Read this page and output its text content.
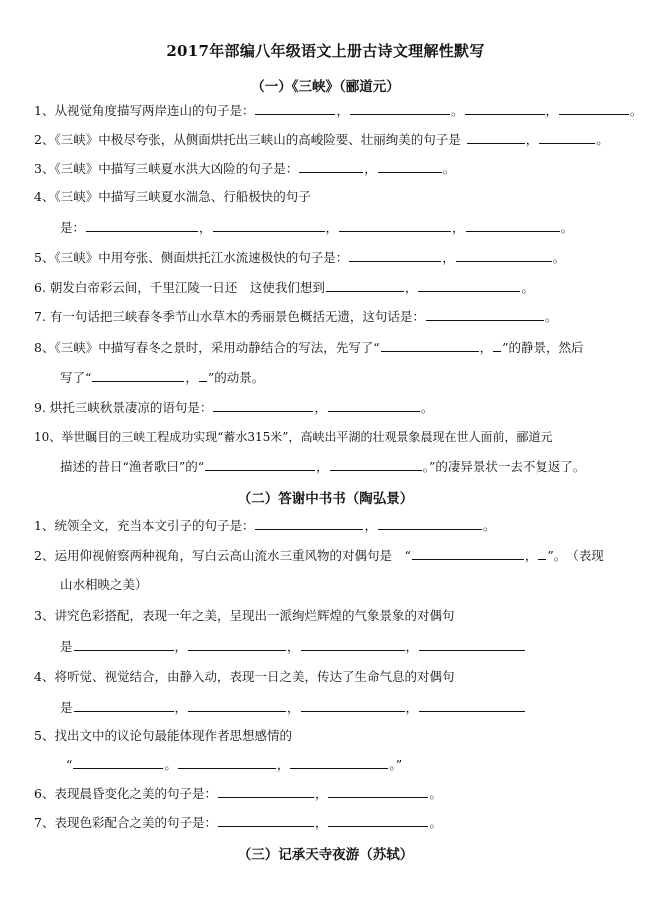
2017年部编八年级语文上册古诗文理解性默写
（一）《三峡》（郦道元）
1、从视觉角度描写两岸连山的句子是：	，	。	，	。
2、《三峡》中极尽夸张，从侧面烘托出三峡山的高峻险要、壮丽绚美的句子是	，	。
3、《三峡》中描写三峡夏水洪大凶险的句子是：	，	。
4、《三峡》中描写三峡夏水湍急、行船极快的句子
是：	，	，	，	。
5、《三峡》中用夸张、侧面烘托江水流速极快的句子是：	，	。
6. 朝发白帝彩云间，千里江陵一日还　这使我们想到	，	。
7. 有一句话把三峡春冬季节山水草木的秀丽景色概括无遗，这句话是：	。
8、《三峡》中描写春冬之景时，采用动静结合的写法，先写了“	， ”的静景，然后
写了“	， ”的动景。
9. 烘托三峡秋景凄凉的语句是：	，	。
10、举世瞩目的三峡工程成功实现“蓄水315米”，高峡出平湖的壮观景象晨现在世人面前，郦道元
描述的昔日“渔者歌曰”的“	，	。”的凄异景状一去不复返了。
（二）答谢中书书（陶弘景）
1、统领全文，充当本文引子的句子是：	，	。
2、运用仰视俯察两种视角，写白云高山流水三重风物的对偶句是　“	， ”。　（表现
山水相映之美）
3、讲究色彩搭配，表现一年之美，呈现出一派绚烂辉煌的气象景象的对偶句
是	，	，	，
4、将听觉、视觉结合，由静入动，表现一日之美，传达了生命气息的对偶句
是	，	，	，
5、找出文中的议论句最能体现作者思想感情的
“	。	，	。”
6、表现晨昏变化之美的句子是：	，	。
7、表现色彩配合之美的句子是：	，	。
（三）记承天寺夜游（苏轼）
